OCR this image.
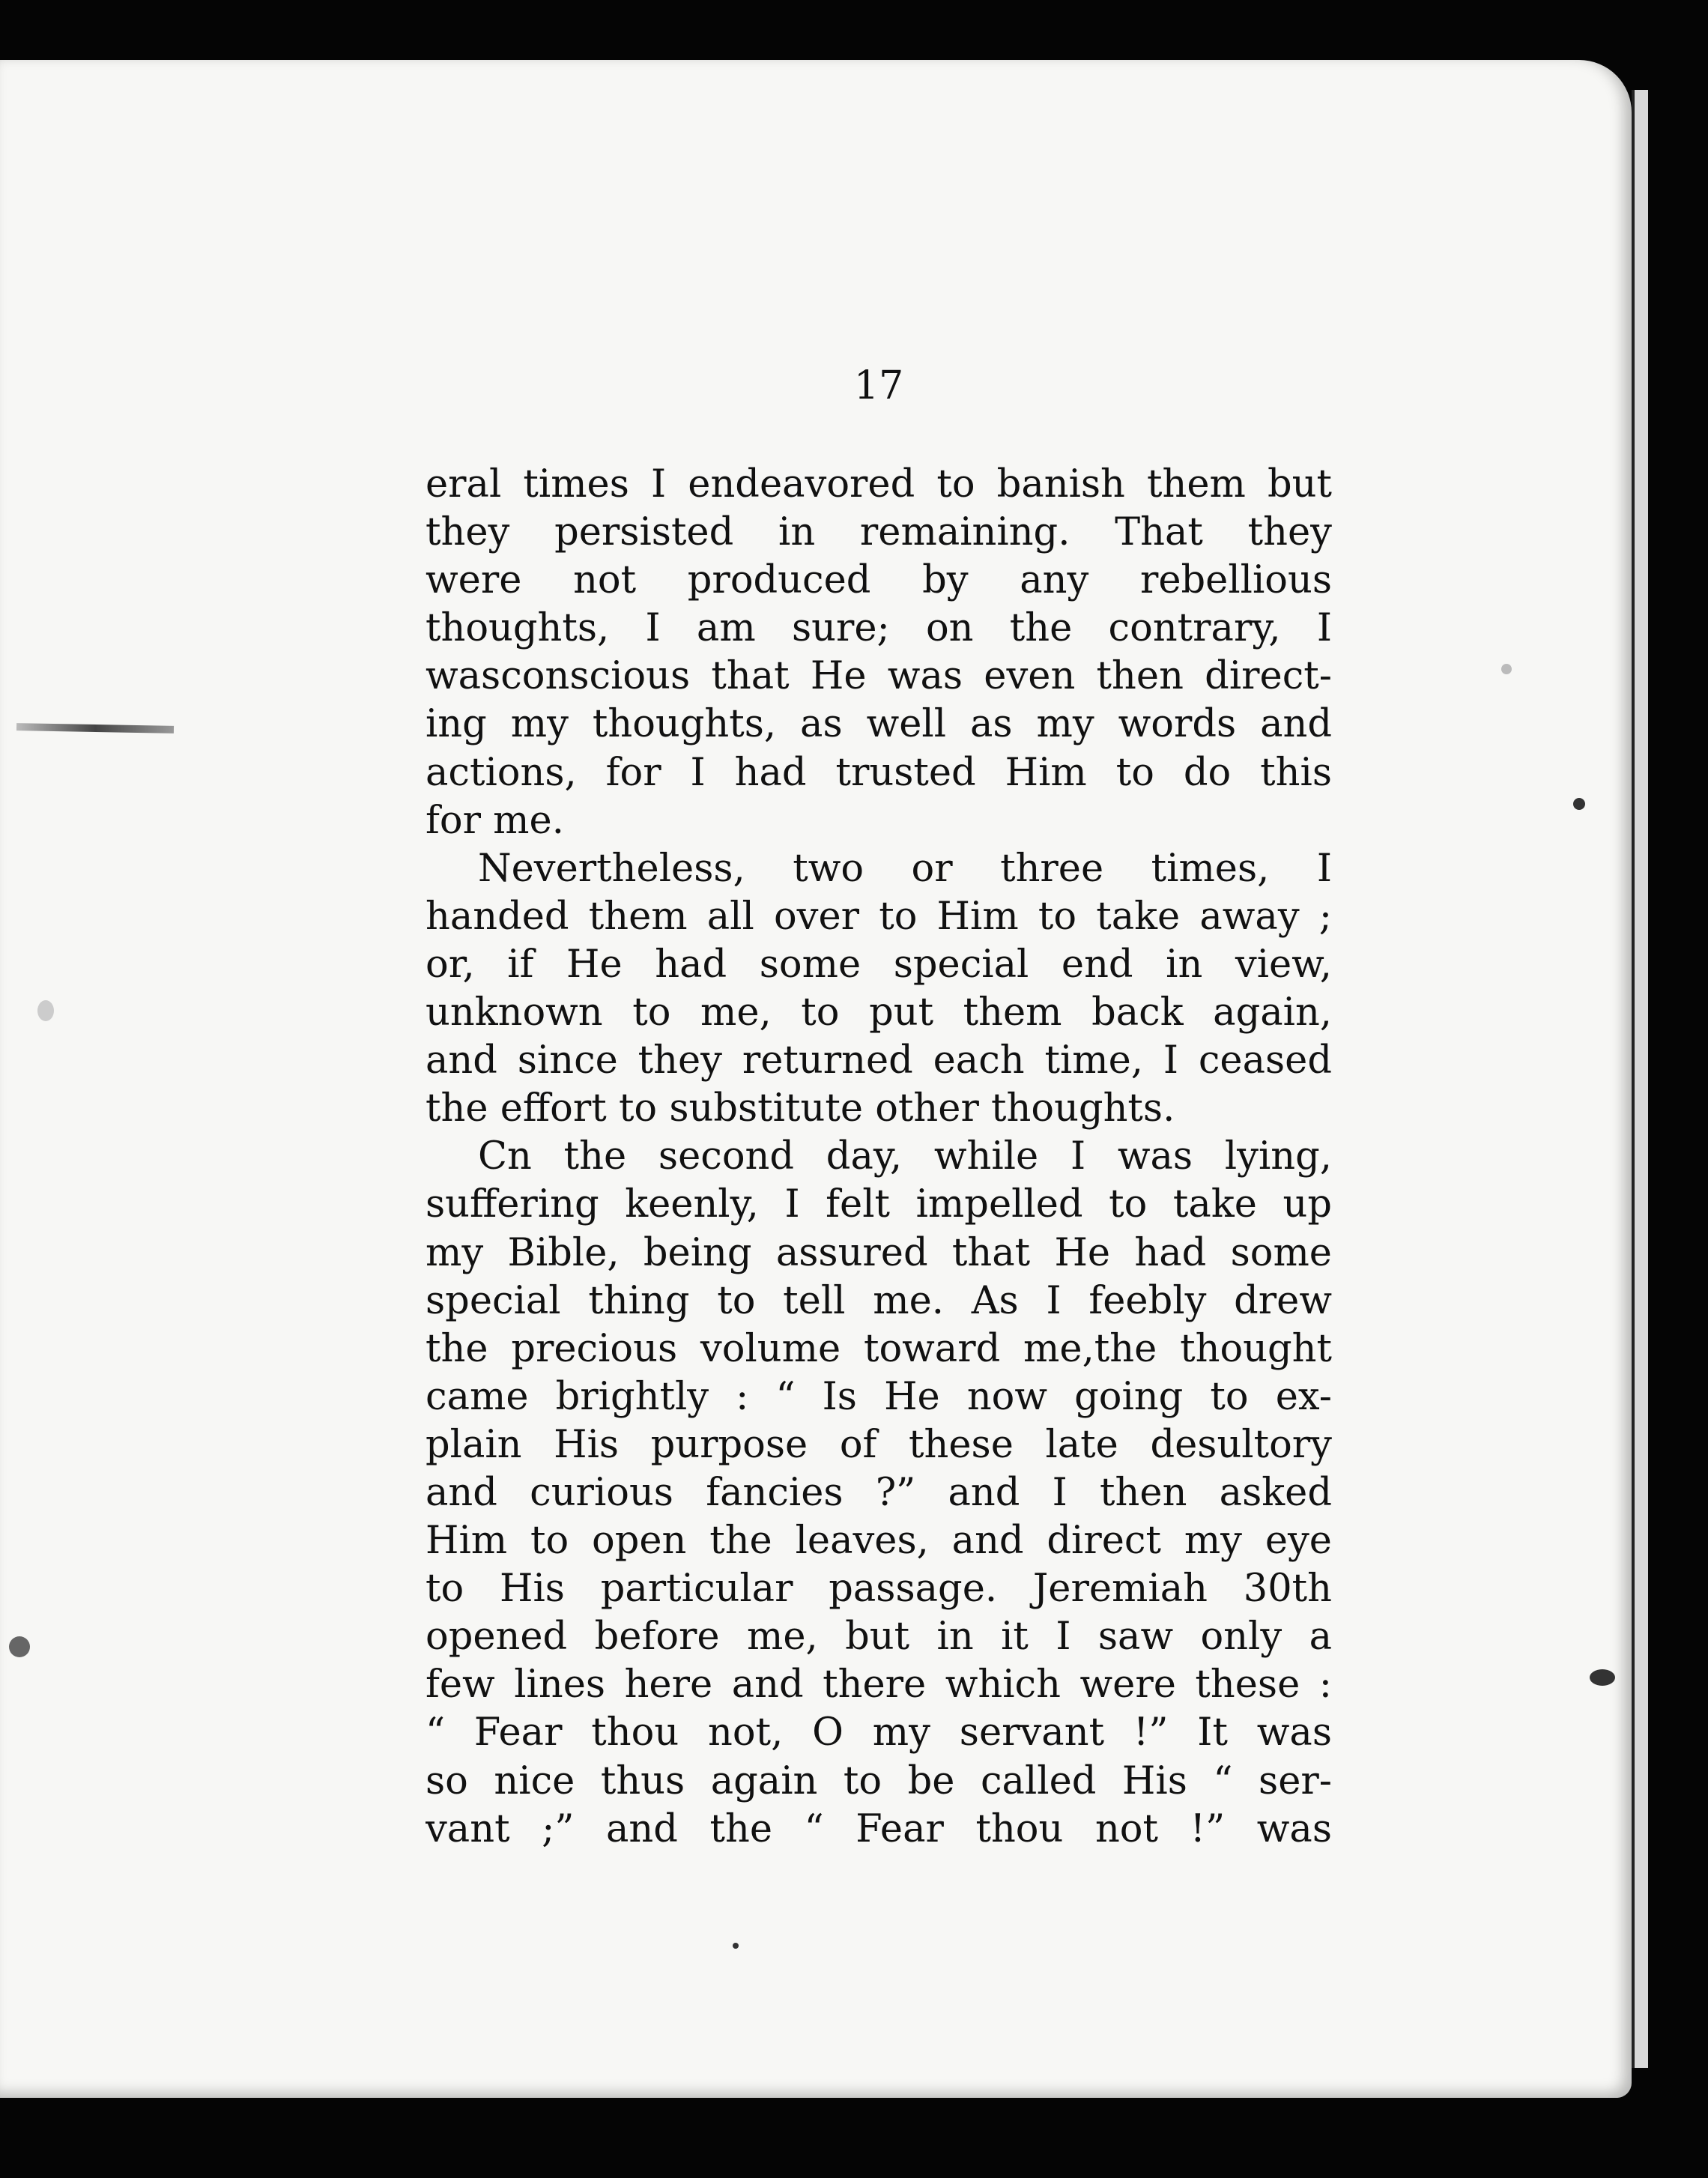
17
eral times I endeavored to banish them but
they persisted in remaining. That they
were not produced by any rebellious
thoughts, I am sure; on the contrary, I
wasconscious that He was even then direct-
ing my thoughts, as well as my words and
actions, for I had trusted Him to do this
for me.
Nevertheless, two or three times, I
handed them all over to Him to take away ;
or, if He had some special end in view,
unknown to me, to put them back again,
and since they returned each time, I ceased
the effort to substitute other thoughts.
Cn the second day, while I was lying,
suffering keenly, I felt impelled to take up
my Bible, being assured that He had some
special thing to tell me. As I feebly drew
the precious volume toward me,the thought
came brightly : “ Is He now going to ex-
plain His purpose of these late desultory
and curious fancies ?” and I then asked
Him to open the leaves, and direct my eye
to His particular passage. Jeremiah 30th
opened before me, but in it I saw only a
few lines here and there which were these :
“ Fear thou not, O my servant !” It was
so nice thus again to be called His “ ser-
vant ;” and the “ Fear thou not !” was
